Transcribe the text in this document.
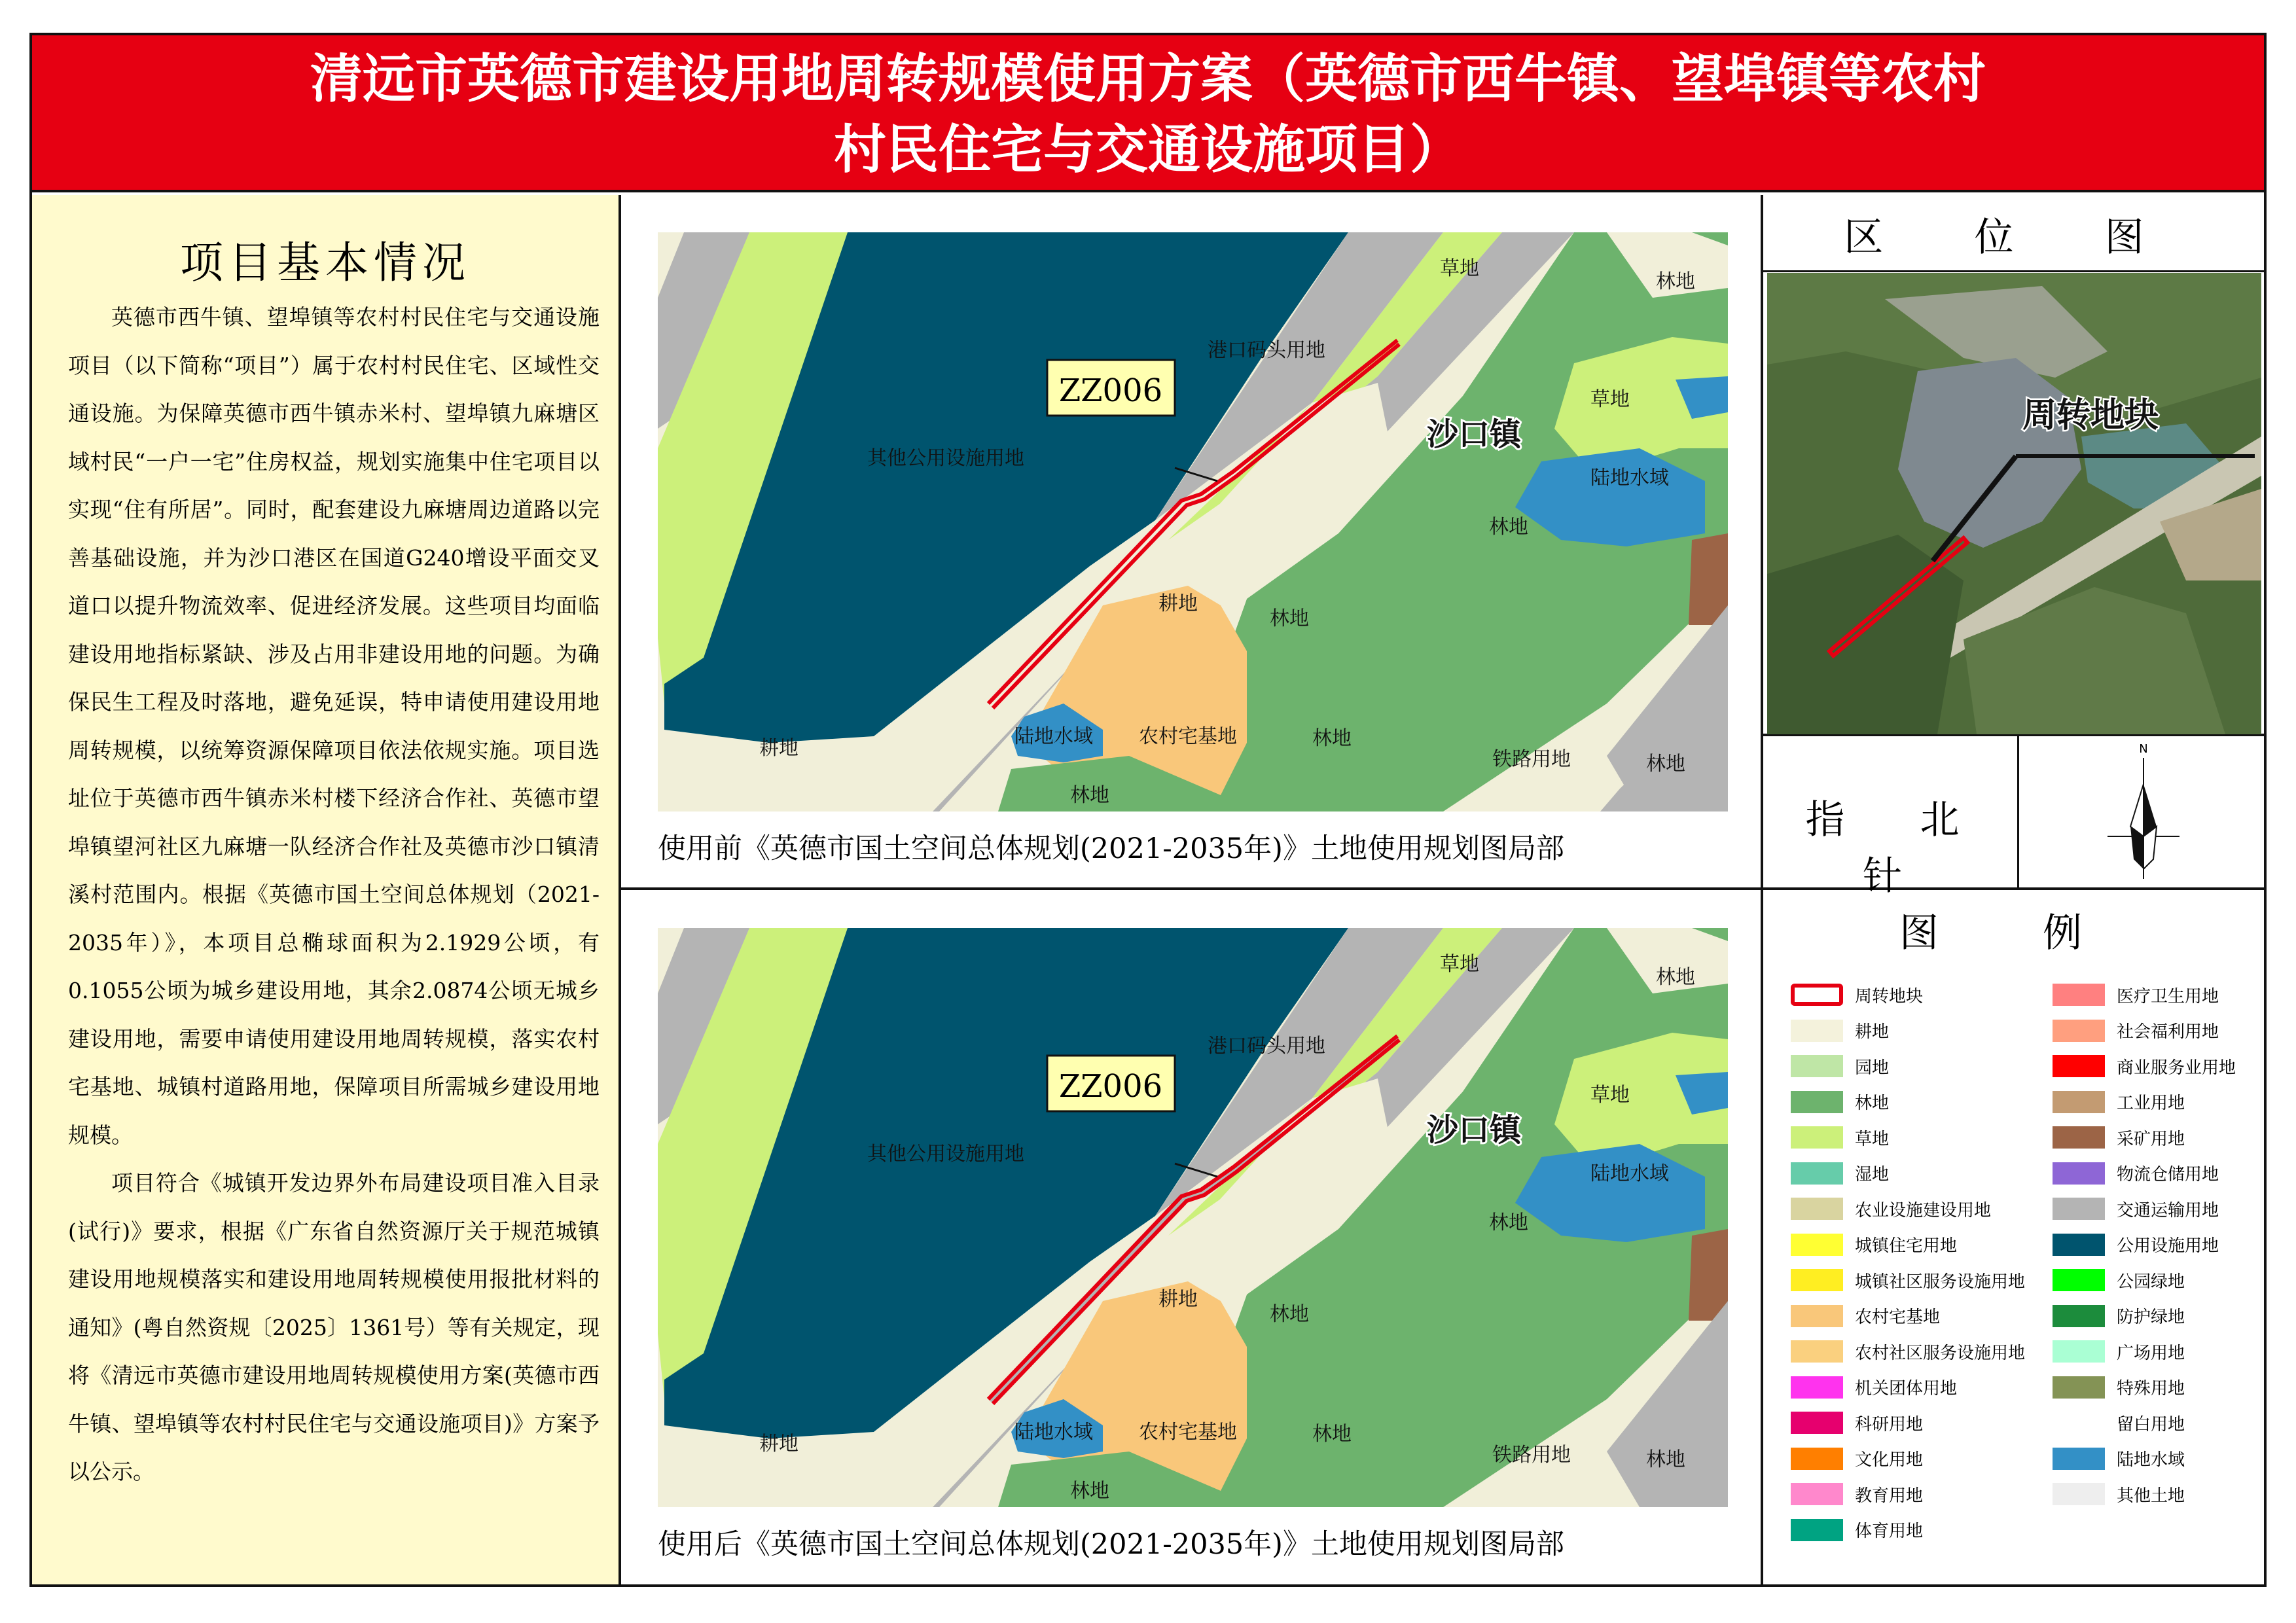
清远市英德市建设用地周转规模使用方案（英德市西牛镇、望埠镇等农村
村民住宅与交通设施项目）
项目基本情况

英德市西牛镇、望埠镇等农村村民住宅与交通设施项目（以下简称“项目”）属于农村村民住宅、区域性交通设施。为保障英德市西牛镇赤米村、望埠镇九麻塘区域村民“一户一宅”住房权益，规划实施集中住宅项目以实现“住有所居”。同时，配套建设九麻塘周边道路以完善基础设施，并为沙口港区在国道G240增设平面交叉道口以提升物流效率、促进经济发展。这些项目均面临建设用地指标紧缺、涉及占用非建设用地的问题。为确保民生工程及时落地，避免延误，特申请使用建设用地周转规模，以统筹资源保障项目依法依规实施。项目选址位于英德市西牛镇赤米村楼下经济合作社、英德市望埠镇望河社区九麻塘一队经济合作社及英德市沙口镇清溪村范围内。根据《英德市国土空间总体规划（2021-2035年）》，本项目总椭球面积为2.1929公顷，有0.1055公顷为城乡建设用地，其余2.0874公顷无城乡建设用地，需要申请使用建设用地周转规模，落实农村宅基地、城镇村道路用地，保障项目所需城乡建设用地规模。

项目符合《城镇开发边界外布局建设项目准入目录(试行)》要求，根据《广东省自然资源厅关于规范城镇建设用地规模落实和建设用地周转规模使用报批材料的通知》(粤自然资规〔2025〕1361号）等有关规定，现将《清远市英德市建设用地周转规模使用方案(英德市西牛镇、望埠镇等农村村民住宅与交通设施项目)》方案予以公示。

ZZ006
草地
林地
港口码头用地
草地
其他公用设施用地
陆地水域
林地
耕地
林地
陆地水域 农村宅基地	林地
耕地
林地
铁路用地	林地
沙口镇
使用前《英德市国土空间总体规划(2021-2035年)》土地使用规划图局部
ZZ006
草地
林地
港口码头用地
草地
其他公用设施用地
陆地水域
林地
耕地
林地
陆地水域 农村宅基地	林地
耕地
林地
铁路用地	林地
沙口镇
使用后《英德市国土空间总体规划(2021-2035年)》土地使用规划图局部
区 位 图
周转地块
指 北 针
N
图 例
周转地块
耕地
园地
林地
草地
湿地
农业设施建设用地
城镇住宅用地
城镇社区服务设施用地
农村宅基地
农村社区服务设施用地
机关团体用地
科研用地
文化用地
教育用地
体育用地
医疗卫生用地
社会福利用地
商业服务业用地
工业用地
采矿用地
物流仓储用地
交通运输用地
公用设施用地
公园绿地
防护绿地
广场用地
特殊用地
留白用地
陆地水域
其他土地
